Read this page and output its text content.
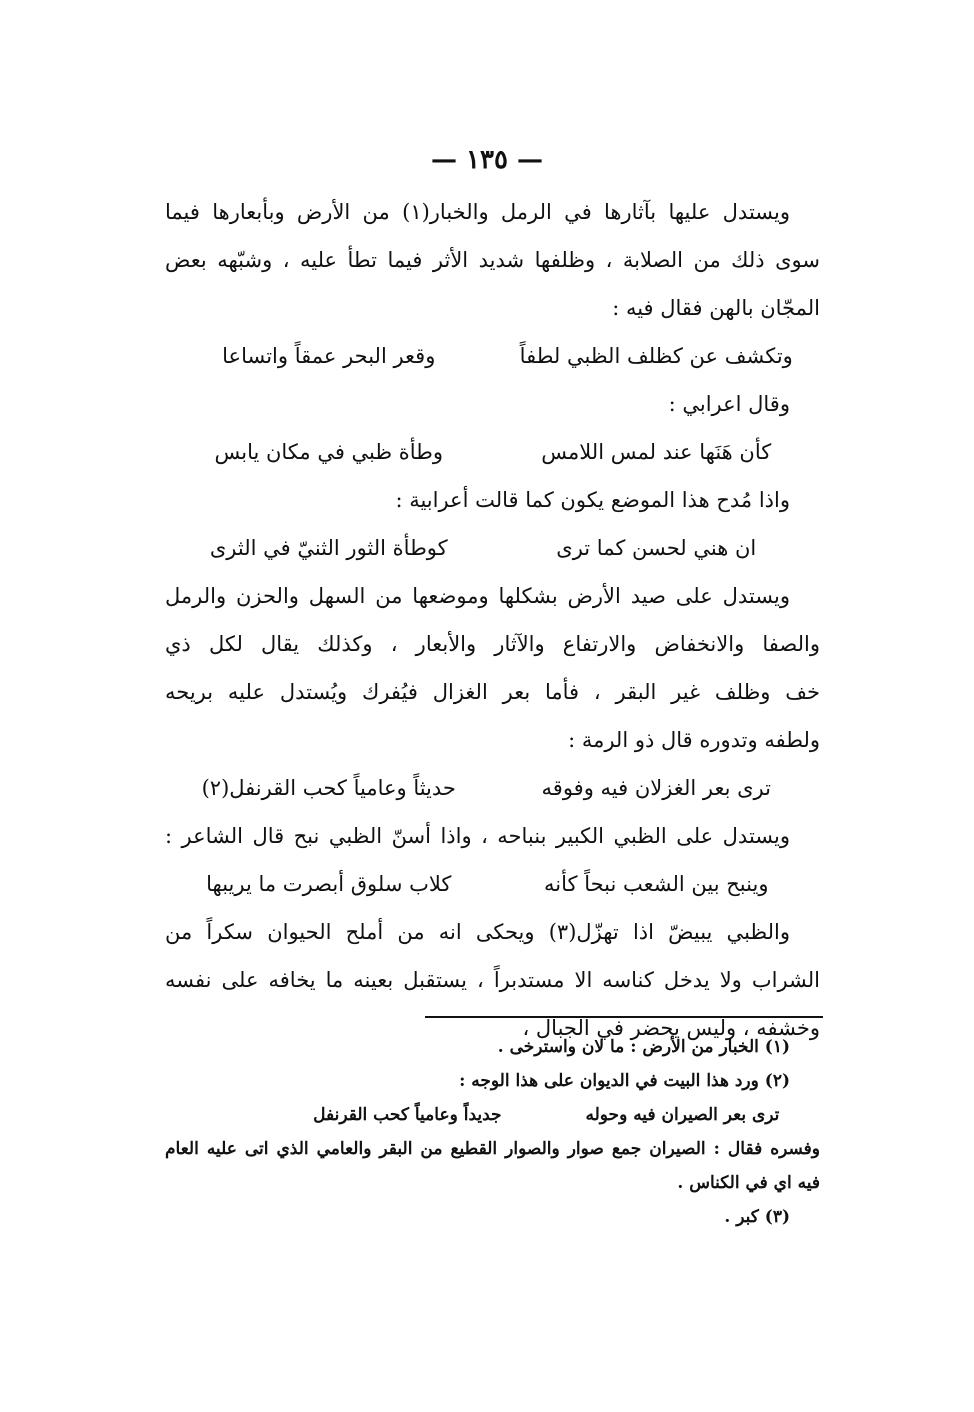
— ١٣٥ —
ويستدل عليها بآثارها في الرمل والخبار(١) من الأرض وبأبعارها فيما
سوى ذلك من الصلابة ، وظلفها شديد الأثر فيما تطأ عليه ، وشبّهه بعض
المجّان بالهن فقال فيه :
وتكشف عن كظلف الظبي لطفاً
وقعر البحر عمقاً واتساعا
وقال اعرابي :
كأن هَنَها عند لمس اللامس
وطأة ظبي في مكان يابس
واذا مُدح هذا الموضع يكون كما قالت أعرابية :
ان هني لحسن كما ترى
كوطأة الثور الثنيّ في الثرى
ويستدل على صيد الأرض بشكلها وموضعها من السهل والحزن والرمل
والصفا والانخفاض والارتفاع والآثار والأبعار ، وكذلك يقال لكل ذي
خف وظلف غير البقر ، فأما بعر الغزال فيُفرك ويُستدل عليه بريحه
ولطفه وتدوره قال ذو الرمة :
ترى بعر الغزلان فيه وفوقه
حديثاً وعامياً كحب القرنفل(٢)
ويستدل على الظبي الكبير بنباحه ، واذا أسنّ الظبي نبح قال الشاعر :
وينبح بين الشعب نبحاً كأنه
كلاب سلوق أبصرت ما يريبها
والظبي يبيضّ اذا تهزّل(٣) ويحكى انه من أملح الحيوان سكراً من
الشراب ولا يدخل كناسه الا مستدبراً ، يستقبل بعينه ما يخافه على نفسه
وخشفه ، وليس يحضر في الجبال ،
(١) الخبار من الأرض : ما لان واسترخى .
(٢) ورد هذا البيت في الديوان على هذا الوجه :
ترى بعر الصيران فيه وحوله
جديداً وعامياً كحب القرنفل
وفسره فقال : الصيران جمع صوار والصوار القطيع من البقر والعامي الذي اتى عليه العام
فيه اي في الكناس .
(٣) كبر .
